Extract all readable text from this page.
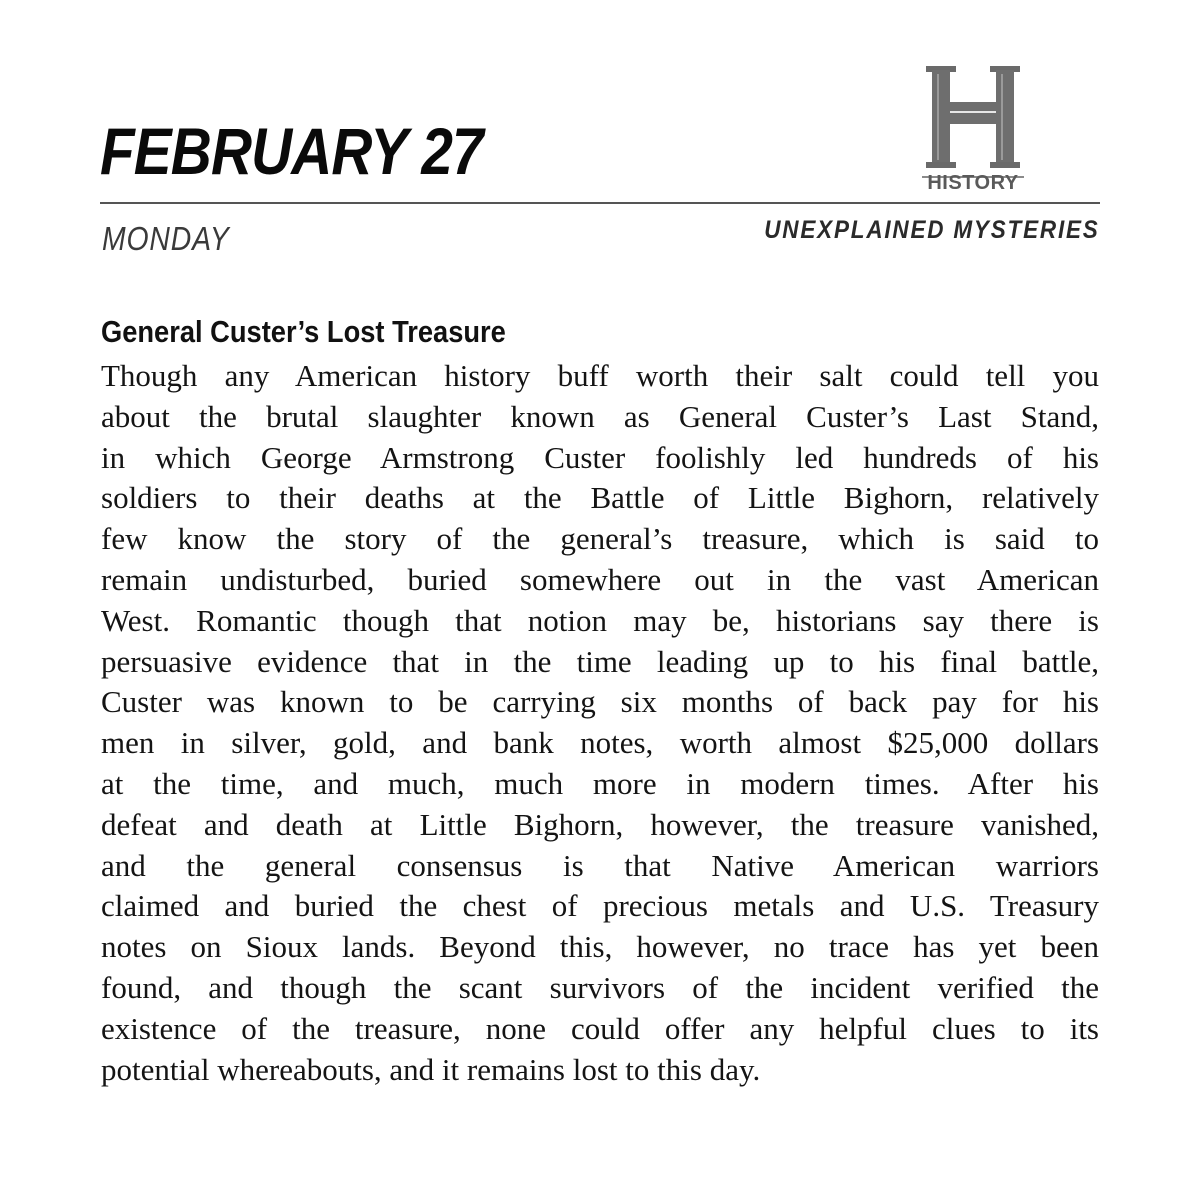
FEBRUARY 27	HISTORY
MONDAY	UNEXPLAINED MYSTERIES
General Custer’s Lost Treasure
Though any American history buff worth their salt could tell you
about the brutal slaughter known as General Custer’s Last Stand,
in which George Armstrong Custer foolishly led hundreds of his
soldiers to their deaths at the Battle of Little Bighorn, relatively
few know the story of the general’s treasure, which is said to
remain undisturbed, buried somewhere out in the vast American
West. Romantic though that notion may be, historians say there is
persuasive evidence that in the time leading up to his final battle,
Custer was known to be carrying six months of back pay for his
men in silver, gold, and bank notes, worth almost $25,000 dollars
at the time, and much, much more in modern times. After his
defeat and death at Little Bighorn, however, the treasure vanished,
and the general consensus is that Native American warriors
claimed and buried the chest of precious metals and U.S. Treasury
notes on Sioux lands. Beyond this, however, no trace has yet been
found, and though the scant survivors of the incident verified the
existence of the treasure, none could offer any helpful clues to its
potential whereabouts, and it remains lost to this day.
